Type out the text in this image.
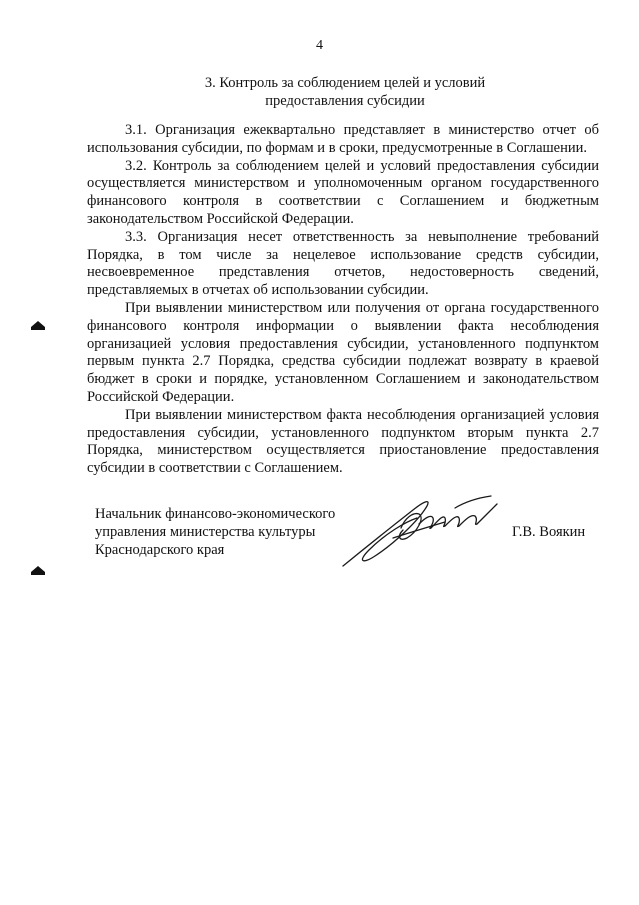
4
3. Контроль за соблюдением целей и условий
предоставления субсидии

3.1. Организация ежеквартально представляет в министерство отчет об использования субсидии, по формам и в сроки, предусмотренные в Соглашении.

3.2. Контроль за соблюдением целей и условий предоставления субсидии осуществляется министерством и уполномоченным органом государственного финансового контроля в соответствии с Соглашением и бюджетным законодательством Российской Федерации.

3.3. Организация несет ответственность за невыполнение требований Порядка, в том числе за нецелевое использование средств субсидии, несвоевременное представления отчетов, недостоверность сведений, представляемых в отчетах об использовании субсидии.

При выявлении министерством или получения от органа государственного финансового контроля информации о выявлении факта несоблюдения организацией условия предоставления субсидии, установленного подпунктом первым пункта 2.7 Порядка, средства субсидии подлежат возврату в краевой бюджет в сроки и порядке, установленном Соглашением и законодательством Российской Федерации.

При выявлении министерством факта несоблюдения организацией условия предоставления субсидии, установленного подпунктом вторым пункта 2.7 Порядка, министерством осуществляется приостановление предоставления субсидии в соответствии с Соглашением.

Начальник финансово-экономического
управления министерства культуры
Краснодарского края
Г.В. Воякин
